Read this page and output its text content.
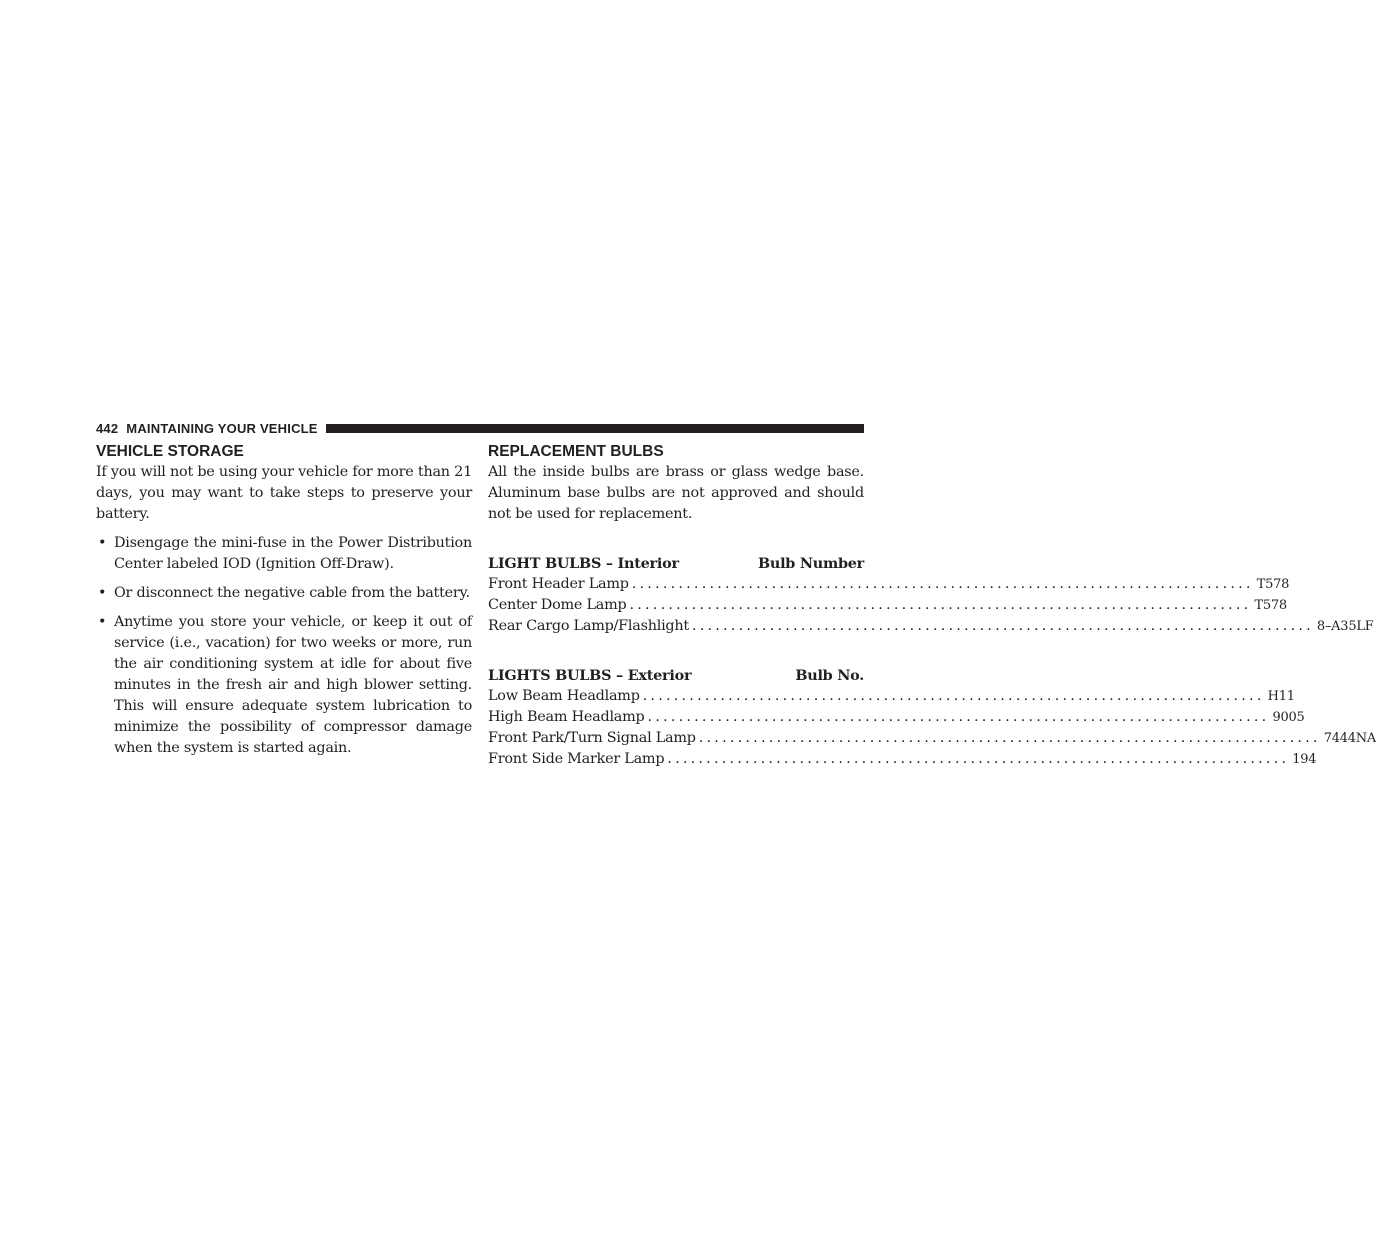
442 MAINTAINING YOUR VEHICLE
VEHICLE STORAGE

If you will not be using your vehicle for more than 21 days, you may want to take steps to preserve your battery.

• Disengage the mini-fuse in the Power Distribution Center labeled IOD (Ignition Off-Draw).
• Or disconnect the negative cable from the battery.
• Anytime you store your vehicle, or keep it out of service (i.e., vacation) for two weeks or more, run the air conditioning system at idle for about five minutes in the fresh air and high blower setting. This will ensure adequate system lubrication to minimize the possibility of compressor damage when the system is started again.
REPLACEMENT BULBS

All the inside bulbs are brass or glass wedge base. Aluminum base bulbs are not approved and should not be used for replacement.

LIGHT BULBS – Interior	Bulb Number
Front Header Lamp ................................................................................ T578
Center Dome Lamp ................................................................................ T578
Rear Cargo Lamp/Flashlight ................................................................................ 8–A35LF
LIGHTS BULBS – Exterior	Bulb No.
Low Beam Headlamp ................................................................................ H11
High Beam Headlamp ................................................................................ 9005
Front Park/Turn Signal Lamp ................................................................................ 7444NA
Front Side Marker Lamp ................................................................................ 194
